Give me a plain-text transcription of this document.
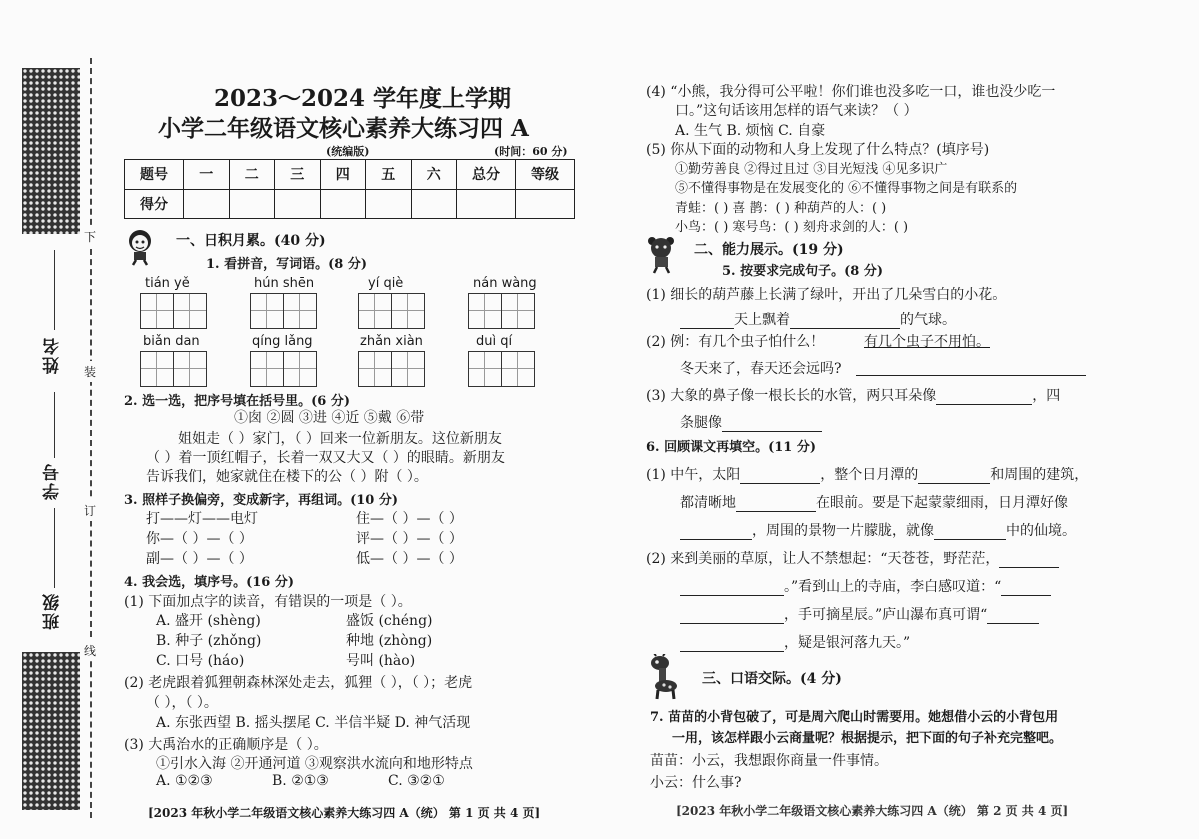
姓名
学号
班级
下
装
订
线
2023～2024 学年度上学期
小学二年级语文核心素养大练习四 A
(统编版)	(时间：60 分)
题号	一	二	三	四	五	六	总分	等级
得分								
一、日积月累。(40 分)
1. 看拼音，写词语。(8 分)
tián yě	hún shēn	yí qiè	nán wàng
biǎn dan	qíng lǎng	zhǎn xiàn	duì qí
2. 选一选，把序号填在括号里。(6 分)
①囱 ②圆 ③进 ④近 ⑤戴 ⑥带
姐姐走（ ）家门，（ ）回来一位新朋友。这位新朋友
（ ）着一顶红帽子，长着一双又大又（ ）的眼睛。新朋友
告诉我们，她家就住在楼下的公（ ）附（ ）。
3. 照样子换偏旁，变成新字，再组词。(10 分)
打——灯——电灯	住—（ ）—（ ）
你—（ ）—（ ）	评—（ ）—（ ）
副—（ ）—（ ）	低—（ ）—（ ）
4. 我会选，填序号。(16 分)
(1) 下面加点字的读音，有错误的一项是（ ）。
A. 盛开 (shèng)	盛饭 (chéng)
B. 种子 (zhǒng)	种地 (zhòng)
C. 口号 (háo)	号叫 (hào)
(2) 老虎跟着狐狸朝森林深处走去，狐狸（ ），（ ）；老虎
（ ），（ ）。
A. 东张西望 B. 摇头摆尾 C. 半信半疑 D. 神气活现
(3) 大禹治水的正确顺序是（ ）。
①引水入海 ②开通河道 ③观察洪水流向和地形特点
A. ①②③	B. ②①③	C. ③②①
[2023 年秋小学二年级语文核心素养大练习四 A（统） 第 1 页 共 4 页]
(4) “小熊，我分得可公平啦！你们谁也没多吃一口，谁也没少吃一
口。”这句话该用怎样的语气来读？（ ）
A. 生气 B. 烦恼 C. 自豪
(5) 你从下面的动物和人身上发现了什么特点？(填序号)
①勤劳善良 ②得过且过 ③目光短浅 ④见多识广
⑤不懂得事物是在发展变化的 ⑥不懂得事物之间是有联系的
青蛙：( ) 喜 鹊：( ) 种葫芦的人：( )
小鸟：( ) 寒号鸟：( ) 刻舟求剑的人：( )
二、能力展示。(19 分)
5. 按要求完成句子。(8 分)
(1) 细长的葫芦藤上长满了绿叶，开出了几朵雪白的小花。
天上飘着	的气球。
(2) 例：有几个虫子怕什么！	有几个虫子不用怕。
冬天来了，春天还会远吗?
(3) 大象的鼻子像一根长长的水管，两只耳朵像	，四
条腿像
6. 回顾课文再填空。(11 分)
(1) 中午，太阳	，整个日月潭的	和周围的建筑，
都清晰地	在眼前。要是下起蒙蒙细雨，日月潭好像
，周围的景物一片朦胧，就像	中的仙境。
(2) 来到美丽的草原，让人不禁想起：“天苍苍，野茫茫，
。”看到山上的寺庙，李白感叹道：“
，手可摘星辰。”庐山瀑布真可谓“
，疑是银河落九天。”
三、口语交际。(4 分)
7. 苗苗的小背包破了，可是周六爬山时需要用。她想借小云的小背包用
一用，该怎样跟小云商量呢？根据提示，把下面的句子补充完整吧。
苗苗：小云，我想跟你商量一件事情。
小云：什么事?
[2023 年秋小学二年级语文核心素养大练习四 A（统） 第 2 页 共 4 页]
